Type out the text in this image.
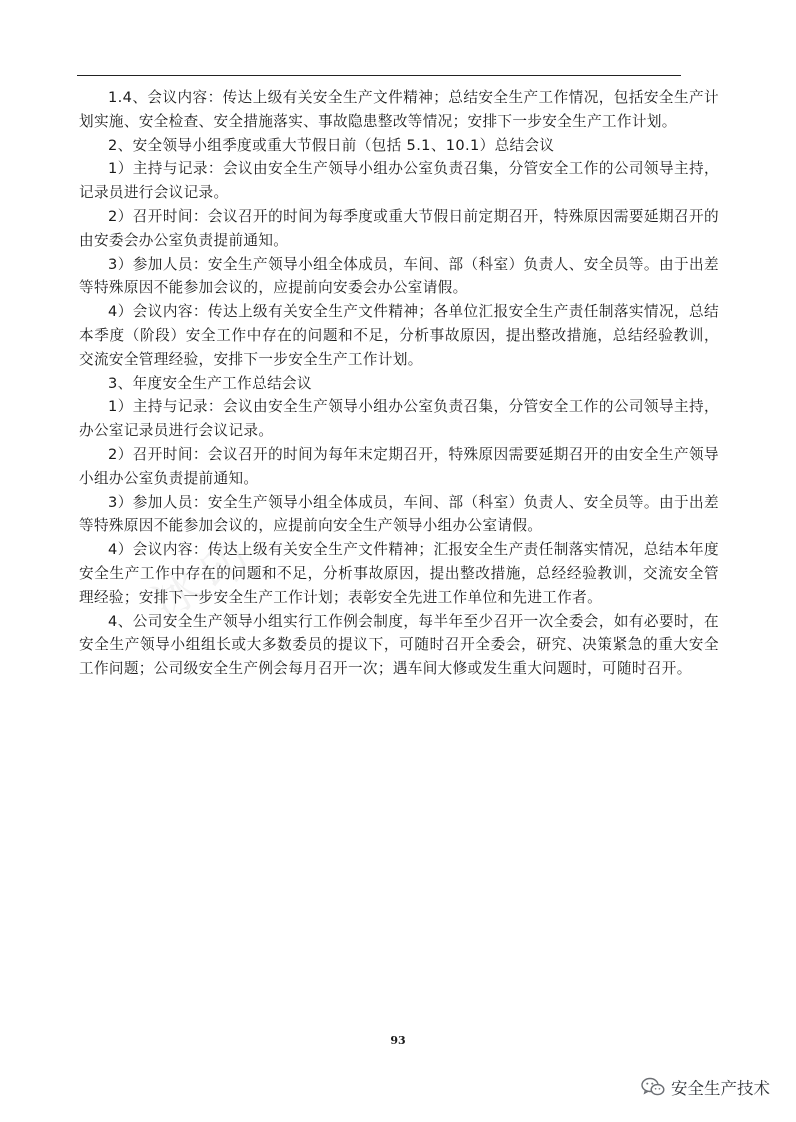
冰印

1.4、会议内容：传达上级有关安全生产文件精神；总结安全生产工作情况，包括安全生产计划实施、安全检查、安全措施落实、事故隐患整改等情况；安排下一步安全生产工作计划。

2、安全领导小组季度或重大节假日前（包括 5.1、10.1）总结会议

1）主持与记录：会议由安全生产领导小组办公室负责召集，分管安全工作的公司领导主持，记录员进行会议记录。

2）召开时间：会议召开的时间为每季度或重大节假日前定期召开，特殊原因需要延期召开的由安委会办公室负责提前通知。

3）参加人员：安全生产领导小组全体成员，车间、部（科室）负责人、安全员等。由于出差等特殊原因不能参加会议的，应提前向安委会办公室请假。

4）会议内容：传达上级有关安全生产文件精神；各单位汇报安全生产责任制落实情况，总结本季度（阶段）安全工作中存在的问题和不足，分析事故原因，提出整改措施，总结经验教训，交流安全管理经验，安排下一步安全生产工作计划。

3、年度安全生产工作总结会议

1）主持与记录：会议由安全生产领导小组办公室负责召集，分管安全工作的公司领导主持，办公室记录员进行会议记录。

2）召开时间：会议召开的时间为每年末定期召开，特殊原因需要延期召开的由安全生产领导小组办公室负责提前通知。

3）参加人员：安全生产领导小组全体成员，车间、部（科室）负责人、安全员等。由于出差等特殊原因不能参加会议的，应提前向安全生产领导小组办公室请假。

4）会议内容：传达上级有关安全生产文件精神；汇报安全生产责任制落实情况，总结本年度安全生产工作中存在的问题和不足，分析事故原因，提出整改措施，总经经验教训，交流安全管理经验；安排下一步安全生产工作计划；表彰安全先进工作单位和先进工作者。

4、公司安全生产领导小组实行工作例会制度，每半年至少召开一次全委会，如有必要时，在安全生产领导小组组长或大多数委员的提议下，可随时召开全委会，研究、决策紧急的重大安全工作问题；公司级安全生产例会每月召开一次；遇车间大修或发生重大问题时，可随时召开。

93
安全生产技术
